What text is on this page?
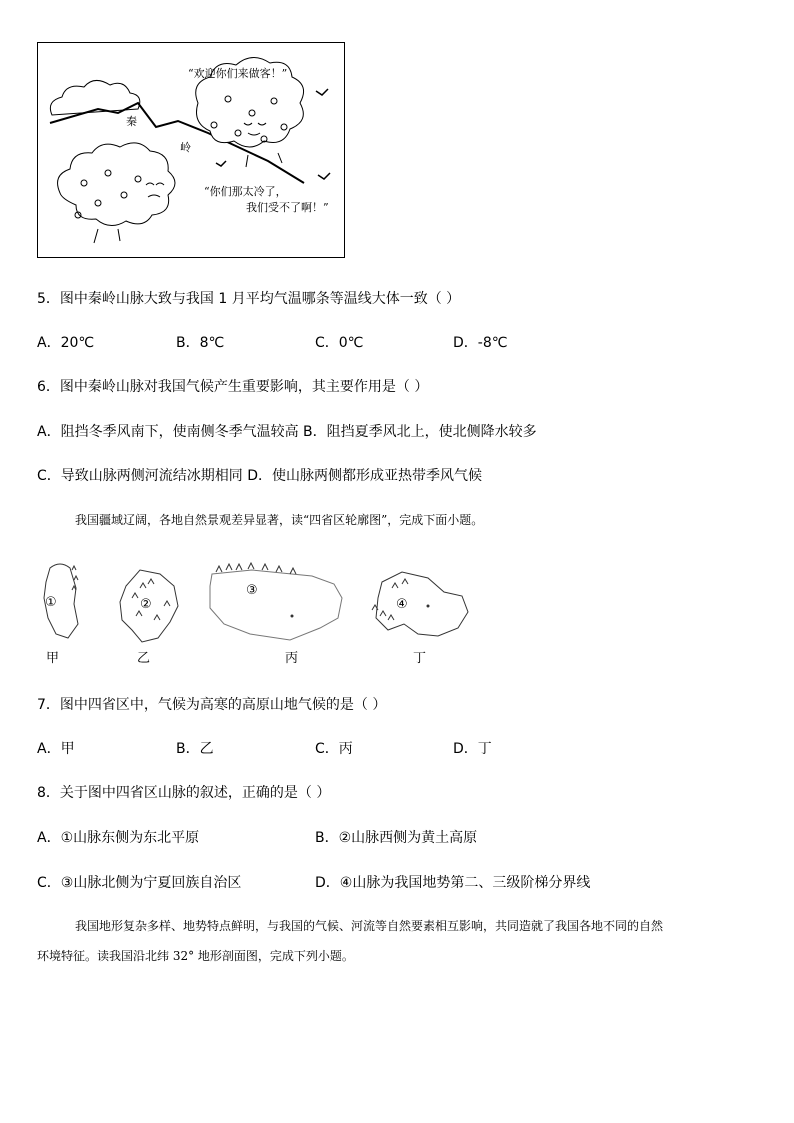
“欢迎你们来做客！”
“你们那太冷了，
我们受不了啊！”
秦
岭
5．图中秦岭山脉大致与我国 1 月平均气温哪条等温线大体一致（ ）
A．20℃	B．8℃	C．0℃	D．-8℃
6．图中秦岭山脉对我国气候产生重要影响，其主要作用是（ ）
A．阻挡冬季风南下，使南侧冬季气温较高 B．阻挡夏季风北上，使北侧降水较多
C．导致山脉两侧河流结冰期相同 D．使山脉两侧都形成亚热带季风气候
我国疆域辽阔，各地自然景观差异显著，读“四省区轮廓图”，完成下面小题。
①	②
③
④
甲	乙	丙	丁
7．图中四省区中，气候为高寒的高原山地气候的是（ ）
A．甲	B．乙	C．丙	D．丁
8．关于图中四省区山脉的叙述，正确的是（ ）
A．①山脉东侧为东北平原	B．②山脉西侧为黄土高原
C．③山脉北侧为宁夏回族自治区	D．④山脉为我国地势第二、三级阶梯分界线
我国地形复杂多样、地势特点鲜明，与我国的气候、河流等自然要素相互影响，共同造就了我国各地不同的自然
环境特征。读我国沿北纬 32° 地形剖面图，完成下列小题。
